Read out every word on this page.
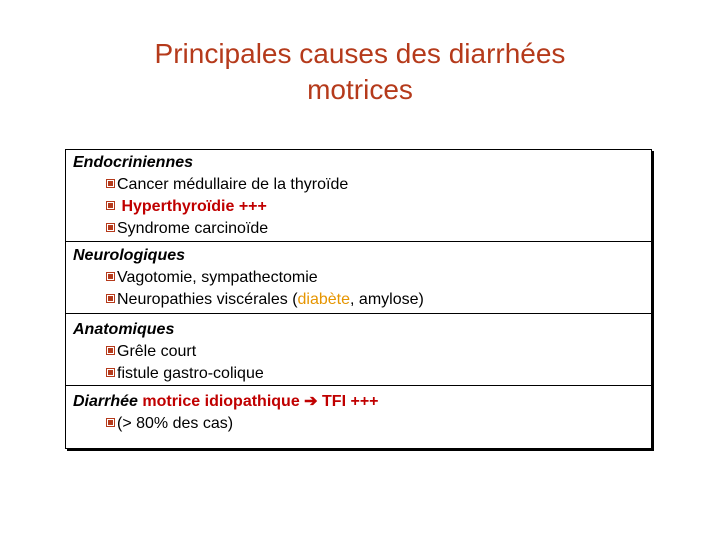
Principales causes des diarrhées
motrices
Endocriniennes
Cancer médullaire de la thyroïde
Hyperthyroïdie +++
Syndrome carcinoïde
Neurologiques
Vagotomie, sympathectomie
Neuropathies viscérales (diabète, amylose)
Anatomiques
Grêle court
fistule gastro-colique
Diarrhée motrice idiopathique ➔ TFI +++
(> 80% des cas)
